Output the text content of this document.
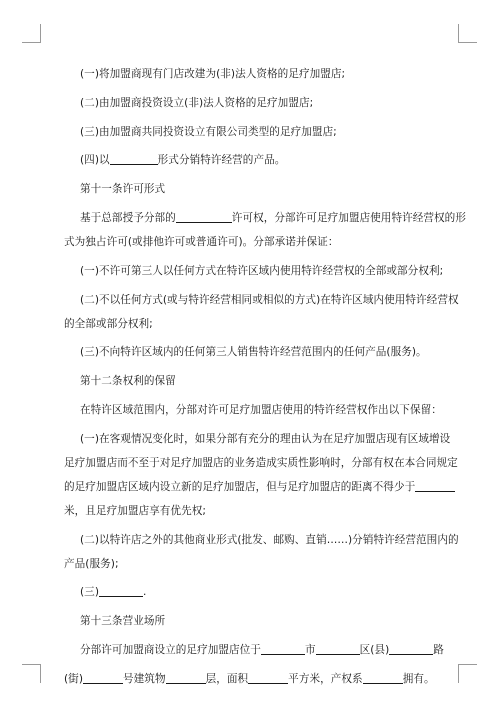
(一)将加盟商现有门店改建为(非)法人资格的足疗加盟店;
(二)由加盟商投资设立(非)法人资格的足疗加盟店;
(三)由加盟商共同投资设立有限公司类型的足疗加盟店;
(四)以	形式分销特许经营的产品。
第十一条许可形式
基于总部授予分部的	许可权，分部许可足疗加盟店使用特许经营权的形
式为独占许可(或排他许可或普通许可)。分部承诺并保证：
(一)不许可第三人以任何方式在特许区域内使用特许经营权的全部或部分权利;
(二)不以任何方式(或与特许经营相同或相似的方式)在特许区域内使用特许经营权
的全部或部分权利;
(三)不向特许区域内的任何第三人销售特许经营范围内的任何产品(服务)。
第十二条权利的保留
在特许区域范围内，分部对许可足疗加盟店使用的特许经营权作出以下保留：
(一)在客观情况变化时，如果分部有充分的理由认为在足疗加盟店现有区域增设
足疗加盟店而不至于对足疗加盟店的业务造成实质性影响时，分部有权在本合同规定
的足疗加盟店区域内设立新的足疗加盟店，但与足疗加盟店的距离不得少于
米，且足疗加盟店享有优先权;
(二)以特许店之外的其他商业形式(批发、邮购、直销……)分销特许经营范围内的
产品(服务);
(三)	.
第十三条营业场所
分部许可加盟商设立的足疗加盟店位于	市	区(县)	路
(街)	号建筑物	层，面积	平方米，产权系	拥有。
